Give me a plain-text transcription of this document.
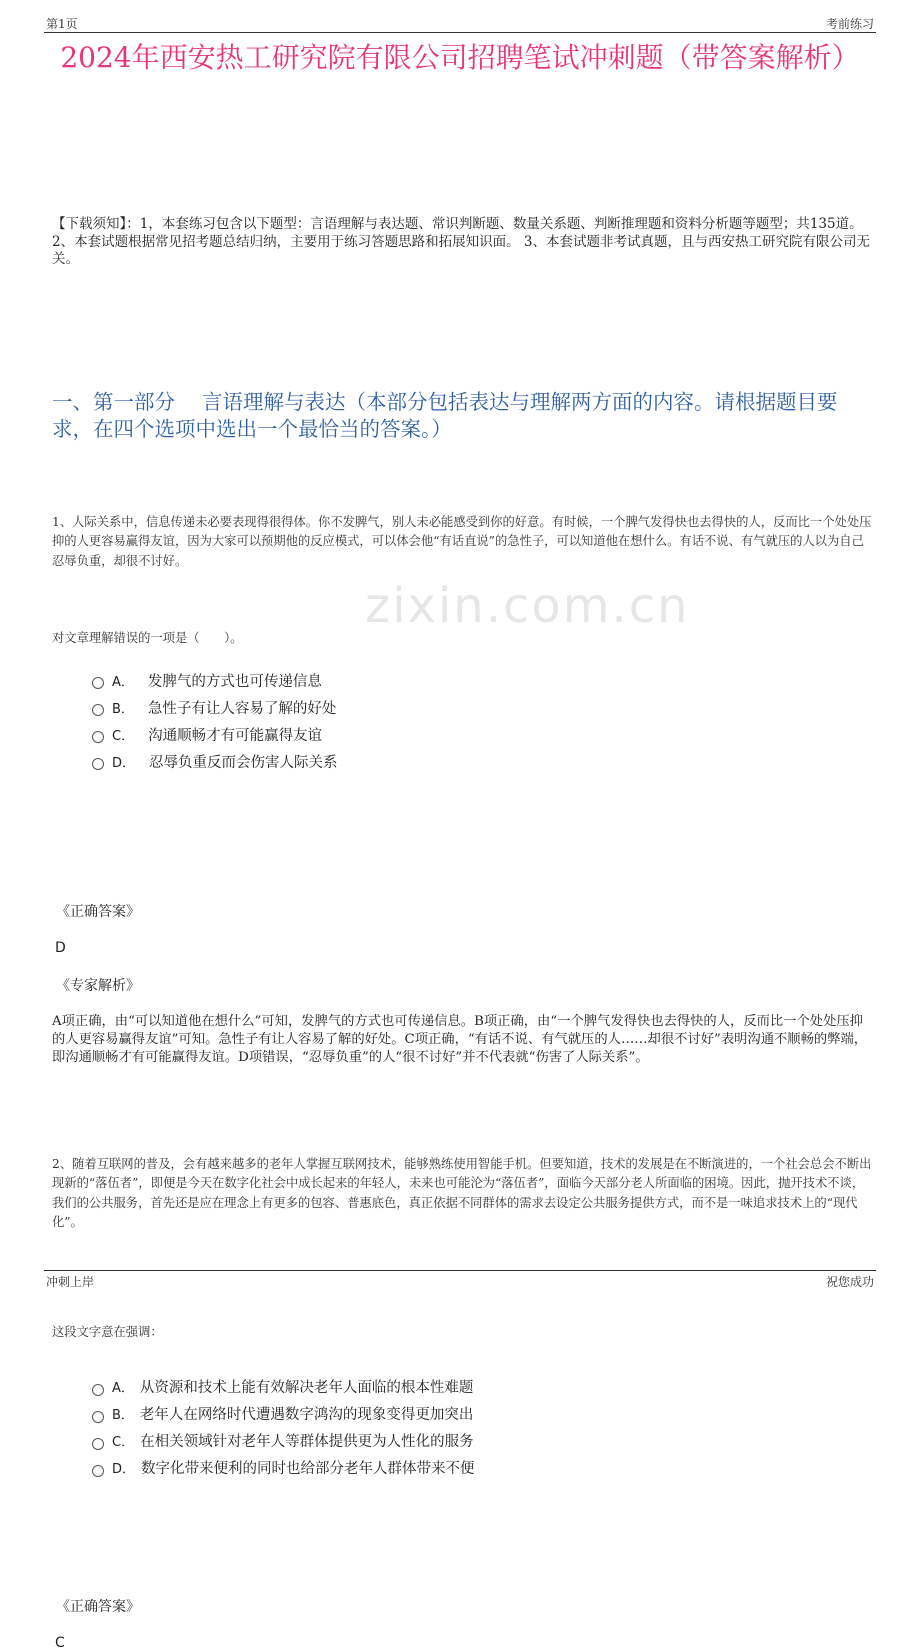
第1页	考前练习
zixin.com.cn
2024年西安热工研究院有限公司招聘笔试冲刺题（带答案解析）
【下载须知】：1，本套练习包含以下题型：言语理解与表达题、常识判断题、数量关系题、判断推理题和资料分析题等题型；共135道。 2、本套试题根据常见招考题总结归纳，主要用于练习答题思路和拓展知识面。 3、本套试题非考试真题，且与西安热工研究院有限公司无关。
一、第一部分　 言语理解与表达（本部分包括表达与理解两方面的内容。请根据题目要求，在四个选项中选出一个最恰当的答案。）
1、人际关系中，信息传递未必要表现得很得体。你不发脾气，别人未必能感受到你的好意。有时候，一个脾气发得快也去得快的人，反而比一个处处压抑的人更容易赢得友谊，因为大家可以预期他的反应模式，可以体会他“有话直说”的急性子，可以知道他在想什么。有话不说、有气就压的人以为自己忍辱负重，却很不讨好。
对文章理解错误的一项是（　　）。
A． 发脾气的方式也可传递信息
B． 急性子有让人容易了解的好处
C． 沟通顺畅才有可能赢得友谊
D． 忍辱负重反而会伤害人际关系
《正确答案》
D
《专家解析》
A项正确，由“可以知道他在想什么”可知，发脾气的方式也可传递信息。B项正确，由“一个脾气发得快也去得快的人，反而比一个处处压抑的人更容易赢得友谊”可知。急性子有让人容易了解的好处。C项正确，“有话不说、有气就压的人……却很不讨好”表明沟通不顺畅的弊端，即沟通顺畅才有可能赢得友谊。D项错误，“忍辱负重”的人“很不讨好”并不代表就“伤害了人际关系”。
2、随着互联网的普及，会有越来越多的老年人掌握互联网技术，能够熟练使用智能手机。但要知道，技术的发展是在不断演进的，一个社会总会不断出现新的“落伍者”，即便是今天在数字化社会中成长起来的年轻人，未来也可能沦为“落伍者”，面临今天部分老人所面临的困境。因此，抛开技术不谈，我们的公共服务，首先还是应在理念上有更多的包容、普惠底色，真正依据不同群体的需求去设定公共服务提供方式，而不是一味追求技术上的“现代化”。
这段文字意在强调：
A． 从资源和技术上能有效解决老年人面临的根本性难题
B． 老年人在网络时代遭遇数字鸿沟的现象变得更加突出
C． 在相关领域针对老年人等群体提供更为人性化的服务
D． 数字化带来便利的同时也给部分老年人群体带来不便
《正确答案》
C
冲刺上岸	祝您成功
